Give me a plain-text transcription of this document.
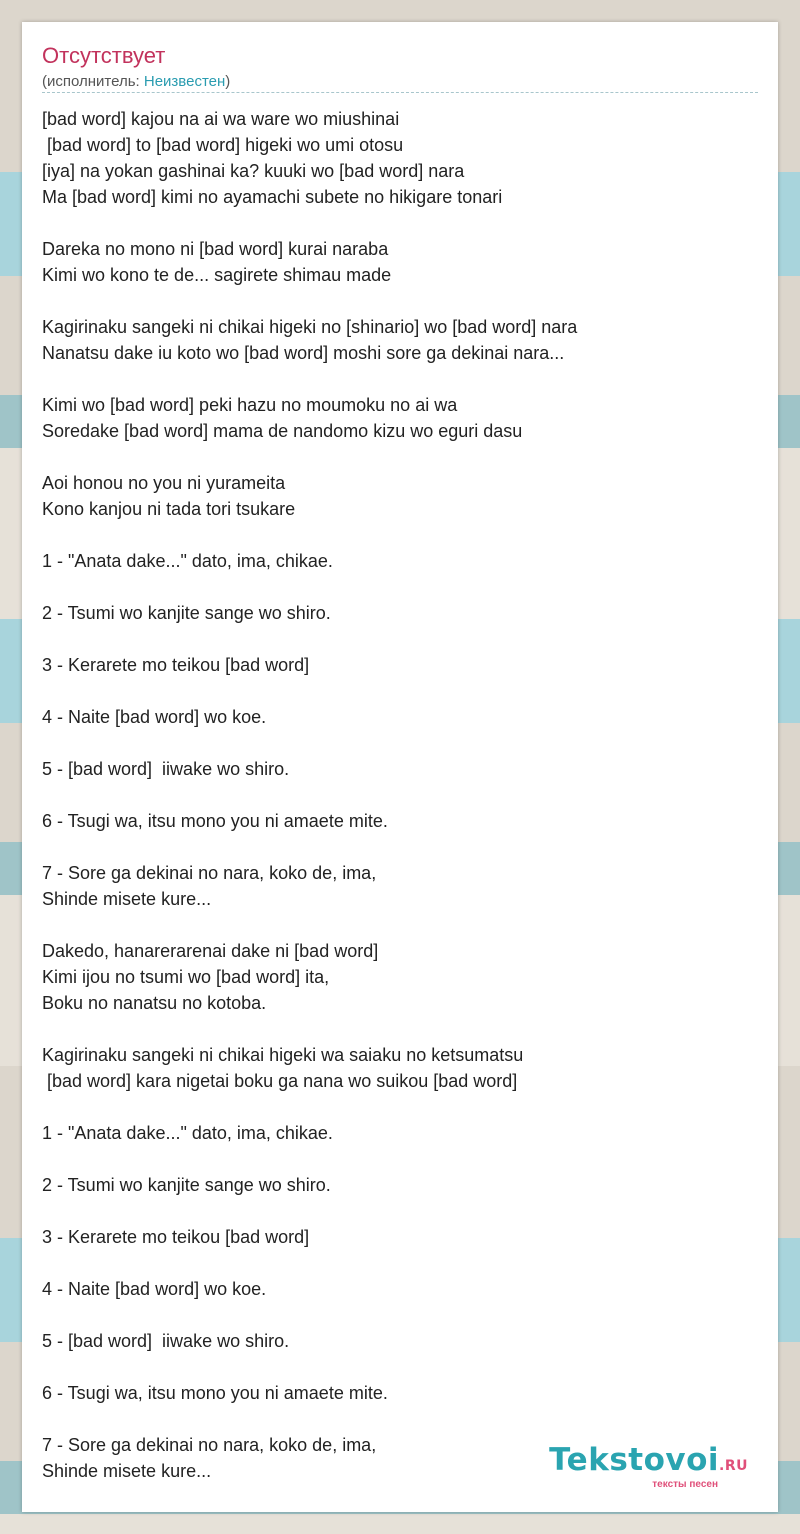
Отсутствует
(исполнитель: Неизвестен)
[bad word] kajou na ai wa ware wo miushinai
[bad word] to [bad word] higeki wo umi otosu
[iya] na yokan gashinai ka? kuuki wo [bad word] nara
Ma [bad word] kimi no ayamachi subete no hikigare tonari

Dareka no mono ni [bad word] kurai naraba
Kimi wo kono te de... sagirete shimau made

Kagirinaku sangeki ni chikai higeki no [shinario] wo [bad word] nara
Nanatsu dake iu koto wo [bad word] moshi sore ga dekinai nara...

Kimi wo [bad word] peki hazu no moumoku no ai wa
Soredake [bad word] mama de nandomo kizu wo eguri dasu

Aoi honou no you ni yurameita
Kono kanjou ni tada tori tsukare

1 - "Anata dake..." dato, ima, chikae.

2 - Tsumi wo kanjite sange wo shiro.

3 - Kerarete mo teikou [bad word]

4 - Naite [bad word] wo koe.

5 - [bad word]  iiwake wo shiro.

6 - Tsugi wa, itsu mono you ni amaete mite.

7 - Sore ga dekinai no nara, koko de, ima,
Shinde misete kure...

Dakedo, hanarerarenai dake ni [bad word]
Kimi ijou no tsumi wo [bad word] ita,
Boku no nanatsu no kotoba.

Kagirinaku sangeki ni chikai higeki wa saiaku no ketsumatsu
[bad word] kara nigetai boku ga nana wo suikou [bad word]

1 - "Anata dake..." dato, ima, chikae.

2 - Tsumi wo kanjite sange wo shiro.

3 - Kerarete mo teikou [bad word]

4 - Naite [bad word] wo koe.

5 - [bad word]  iiwake wo shiro.

6 - Tsugi wa, itsu mono you ni amaete mite.

7 - Sore ga dekinai no nara, koko de, ima,
Shinde misete kure...	Tekstovoi.RU
тексты песен
